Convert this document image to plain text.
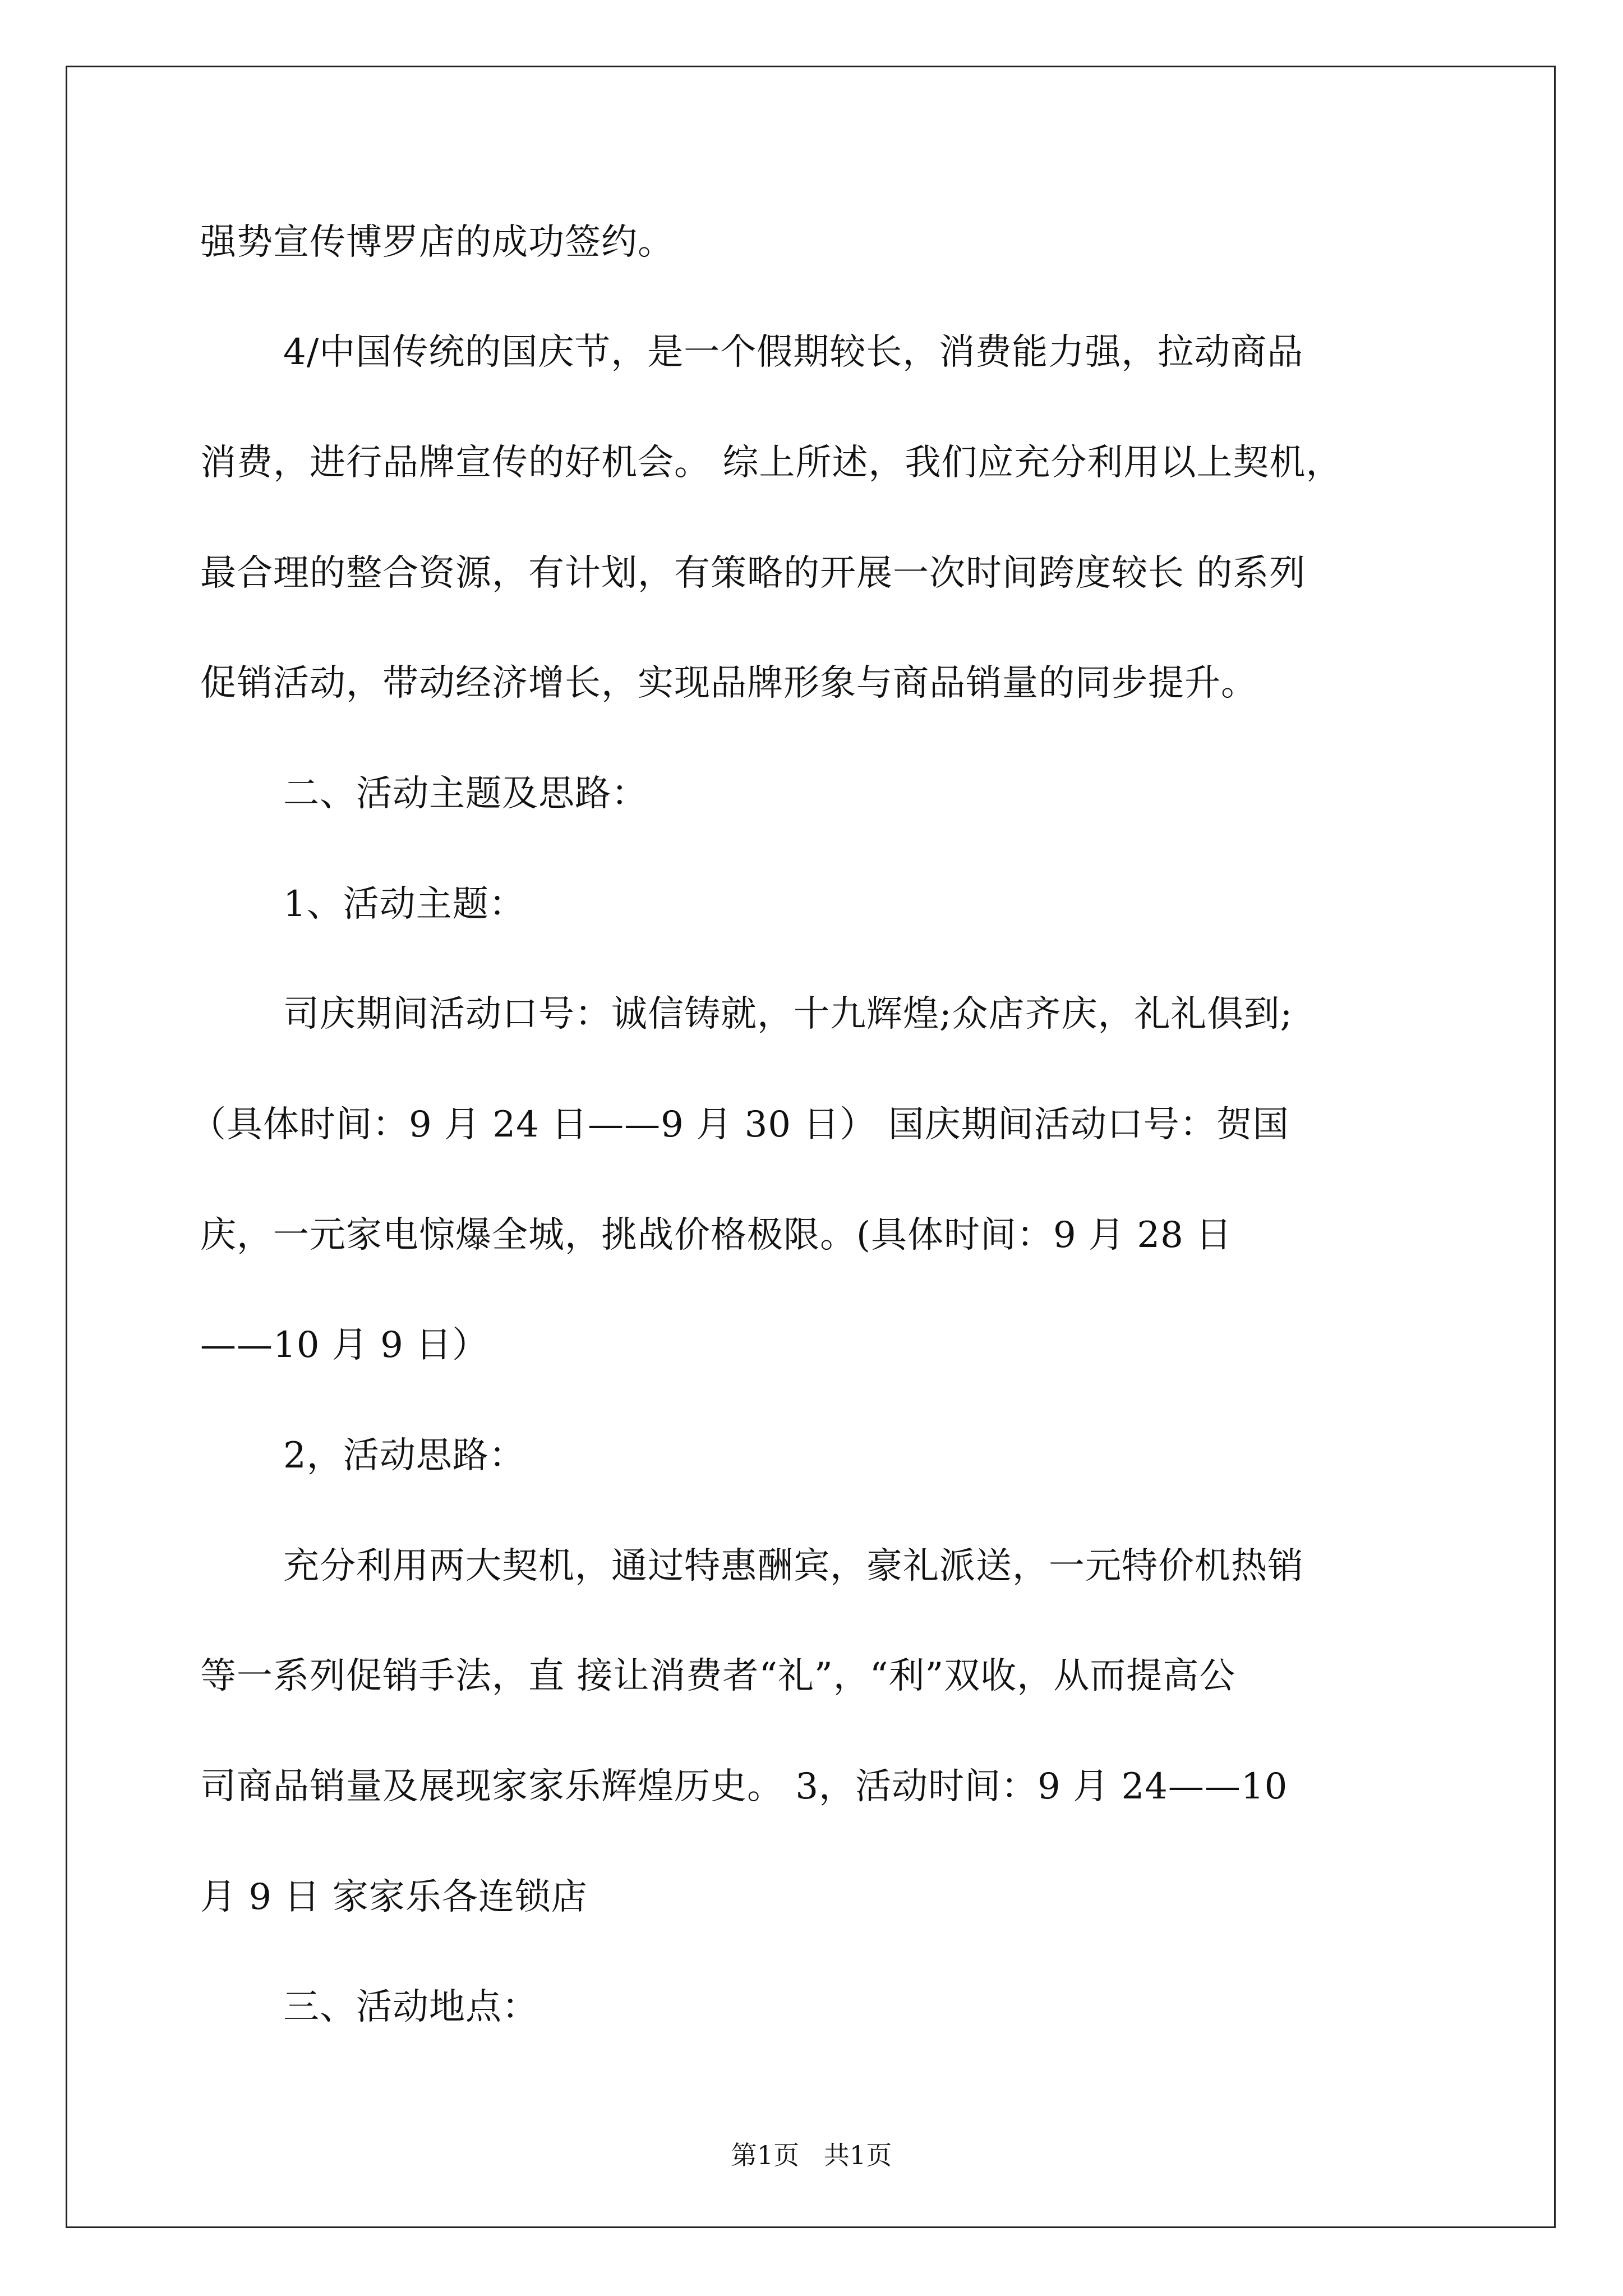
强势宣传博罗店的成功签约。
4/中国传统的国庆节，是一个假期较长，消费能力强，拉动商品
消费，进行品牌宣传的好机会。 综上所述，我们应充分利用以上契机，
最合理的整合资源，有计划，有策略的开展一次时间跨度较长 的系列
促销活动，带动经济增长，实现品牌形象与商品销量的同步提升。
二、活动主题及思路：
1、活动主题：
司庆期间活动口号：诚信铸就，十九辉煌;众店齐庆，礼礼俱到;
（具体时间：9 月 24 日——9 月 30 日） 国庆期间活动口号：贺国
庆，一元家电惊爆全城，挑战价格极限。(具体时间：9 月 28 日
——10 月 9 日）
2，活动思路：
充分利用两大契机，通过特惠酬宾，豪礼派送，一元特价机热销
等一系列促销手法，直 接让消费者“礼”，“利”双收，从而提高公
司商品销量及展现家家乐辉煌历史。 3，活动时间：9 月 24——10
月 9 日 家家乐各连锁店
三、活动地点：
第1页   共1页
